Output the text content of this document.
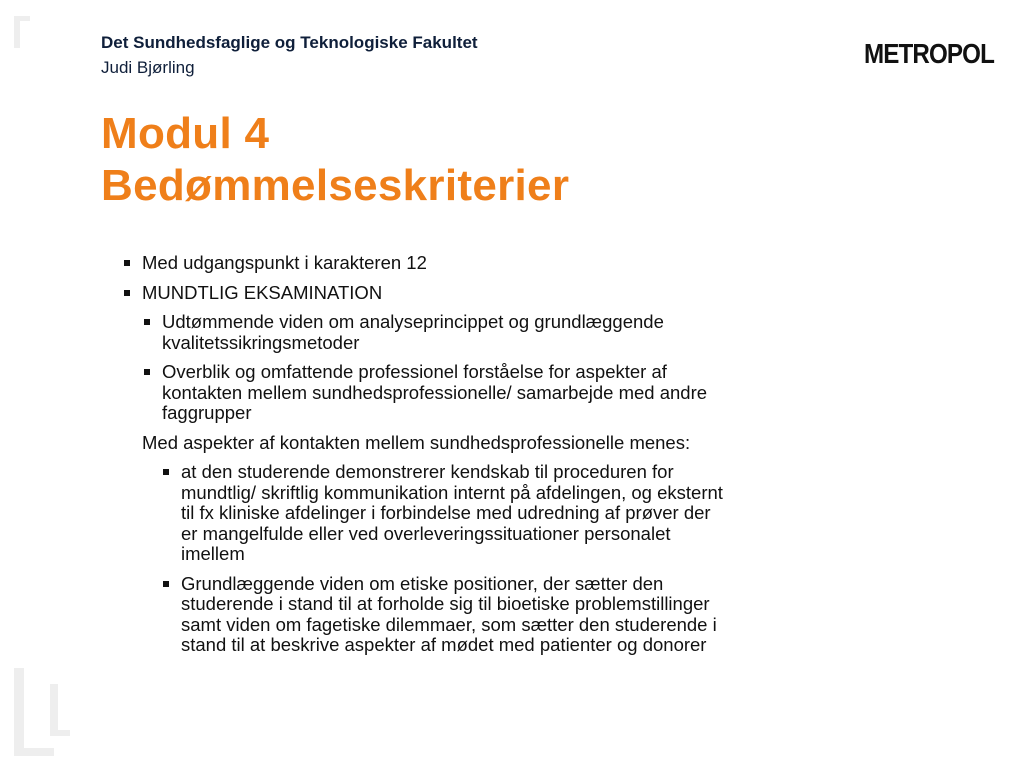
Det Sundhedsfaglige og Teknologiske Fakultet
Judi Bjørling	METROPOL
Modul 4
Bedømmelseskriterier
Med udgangspunkt i karakteren 12
MUNDTLIG EKSAMINATION
Udtømmende viden om analyseprincippet og grundlæggende kvalitetssikringsmetoder
Overblik og omfattende professionel forståelse for aspekter af kontakten mellem sundhedsprofessionelle/ samarbejde med andre faggrupper
Med aspekter af kontakten mellem sundhedsprofessionelle menes:
at den studerende demonstrerer kendskab til proceduren for mundtlig/ skriftlig kommunikation internt på afdelingen, og eksternt til fx kliniske afdelinger i forbindelse med udredning af prøver der er mangelfulde eller ved overleveringssituationer personalet imellem
Grundlæggende viden om etiske positioner, der sætter den studerende i stand til at forholde sig til bioetiske problemstillinger samt viden om fagetiske dilemmaer, som sætter den studerende i stand til at beskrive aspekter af mødet med patienter og donorer
